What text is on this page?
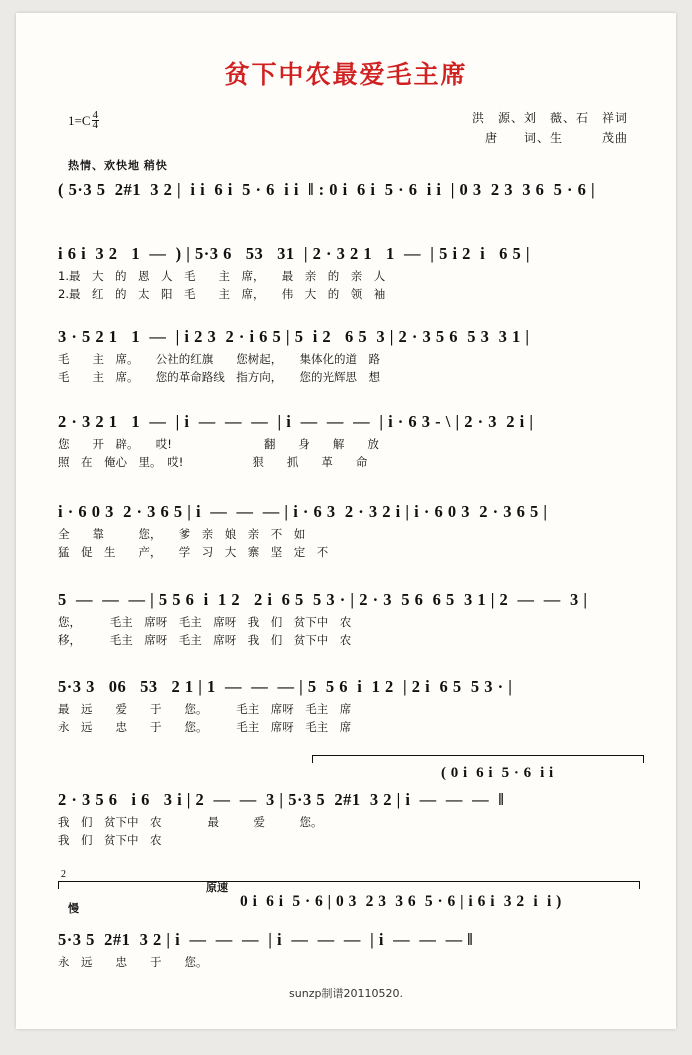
贫下中农最爱毛主席
$1=C \frac{4}{4}$	洪　源、刘　薇、石　祥词
唐　　词、生　　　茂曲
热情、欢快地 稍快
( 5·3 5  2#1  3 2 |  i i  6 i  5 · 6  i i  ‖ : 0 i  6 i  5 · 6  i i  | 0 3  2 3  3 6  5 · 6 |
i 6 i  3 2   1  —  ) | 5·3 6   53   31  | 2 · 3 2 1   1  —  | 5 i 2  i   6 5 |
1.最　大　的　恩　人　毛　　主　席，　　最　亲　的　亲　人
2.最　红　的　太　阳　毛　　主　席，　　伟　大　的　领　袖
3 · 5 2 1   1  —  | i 2 3  2 · i 6 5 | 5  i 2   6 5  3 | 2 · 3 5 6  5 3  3 1 |
毛　　主　席。　　公社的红旗　　您树起，　　集体化的道　路
毛　　主　席。　　您的革命路线　指方向，　　您的光辉思　想
2 · 3 2 1   1  —  | i  —  —  —  | i  —  —  —  | i · 6 3 - \ | 2 · 3  2 i |
您　　开　辟。　　哎!　　　　　　　　翻　　身　　解　　放
照　在　俺心　里。　哎!　　　　　　狠　　抓　　革　　命
i · 6 0 3  2 · 3 6 5 | i  —  —  — | i · 6 3  2 · 3 2 i | i · 6 0 3  2 · 3 6 5 |
全　　靠　　　您，　　爹　亲　娘　亲　不　如
猛　促　生　　产，　　学　习　大　寨　坚　定　不
5  —  —  — | 5 5 6  i  1 2   2 i  6 5  5 3 · | 2 · 3  5 6  6 5  3 1 | 2  —  —  3 |
您，　　　毛主　席呀　毛主　席呀　我　们　贫下中　农
移，　　　毛主　席呀　毛主　席呀　我　们　贫下中　农
5·3 3   06   53   2 1 | 1  —  —  — | 5  5 6  i  1 2  | 2 i  6 5  5 3 · |
最　远　　爱　　于　　您。　　　毛主　席呀　毛主　席
永　远　　忠　　于　　您。　　　毛主　席呀　毛主　席
( 0 i  6 i  5 · 6  i i
2 · 3 5 6   i 6   3 i | 2  —  —  3 | 5·3 5  2#1  3 2 | i  —  —  —  ‖
我　们　贫下中　农　　　　最　　　爱　　　您。
我　们　贫下中　农
2
原速
慢	0 i  6 i  5 · 6 | 0 3  2 3  3 6  5 · 6 | i 6 i  3 2  i  i )
5·3 5  2#1  3 2 | i  —  —  —  | i  —  —  —  | i  —  —  — ‖
永　远　　忠　　于　　您。
sunzp制谱20110520.
